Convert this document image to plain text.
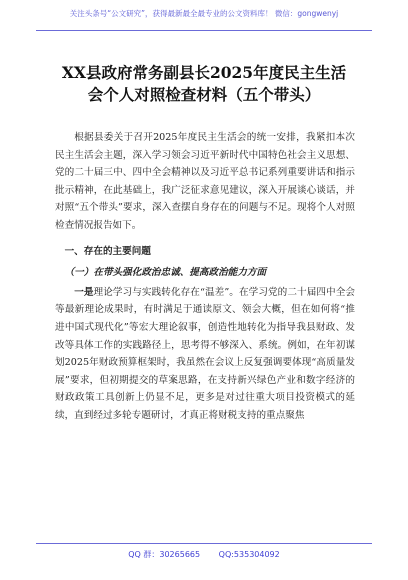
关注头条号“公文研究”，获得最新最全最专业的公文资料库！ 微信：gongwenyj
XX县政府常务副县长2025年度民主生活
会个人对照检查材料（五个带头）

根据县委关于召开2025年度民主生活会的统一安排，我紧扣本次民主生活会主题，深入学习领会习近平新时代中国特色社会主义思想、党的二十届三中、四中全会精神以及习近平总书记系列重要讲话和指示批示精神，在此基础上，我广泛征求意见建议，深入开展谈心谈话，并对照“五个带头”要求，深入查摆自身存在的问题与不足。现将个人对照检查情况报告如下。

一、存在的主要问题

（一）在带头强化政治忠诚、提高政治能力方面

一是理论学习与实践转化存在“温差”。在学习党的二十届四中全会等最新理论成果时，有时满足于通读原文、领会大概，但在如何将“推进中国式现代化”等宏大理论叙事，创造性地转化为指导我县财政、发改等具体工作的实践路径上，思考得不够深入、系统。例如，在年初谋划2025年财政预算框架时，我虽然在会议上反复强调要体现“高质量发展”要求，但初期提交的草案思路，在支持新兴绿色产业和数字经济的财政政策工具创新上仍显不足，更多是对过往重大项目投资模式的延续，直到经过多轮专题研讨，才真正将财税支持的重点聚焦

QQ 群：30265665 QQ:535304092
